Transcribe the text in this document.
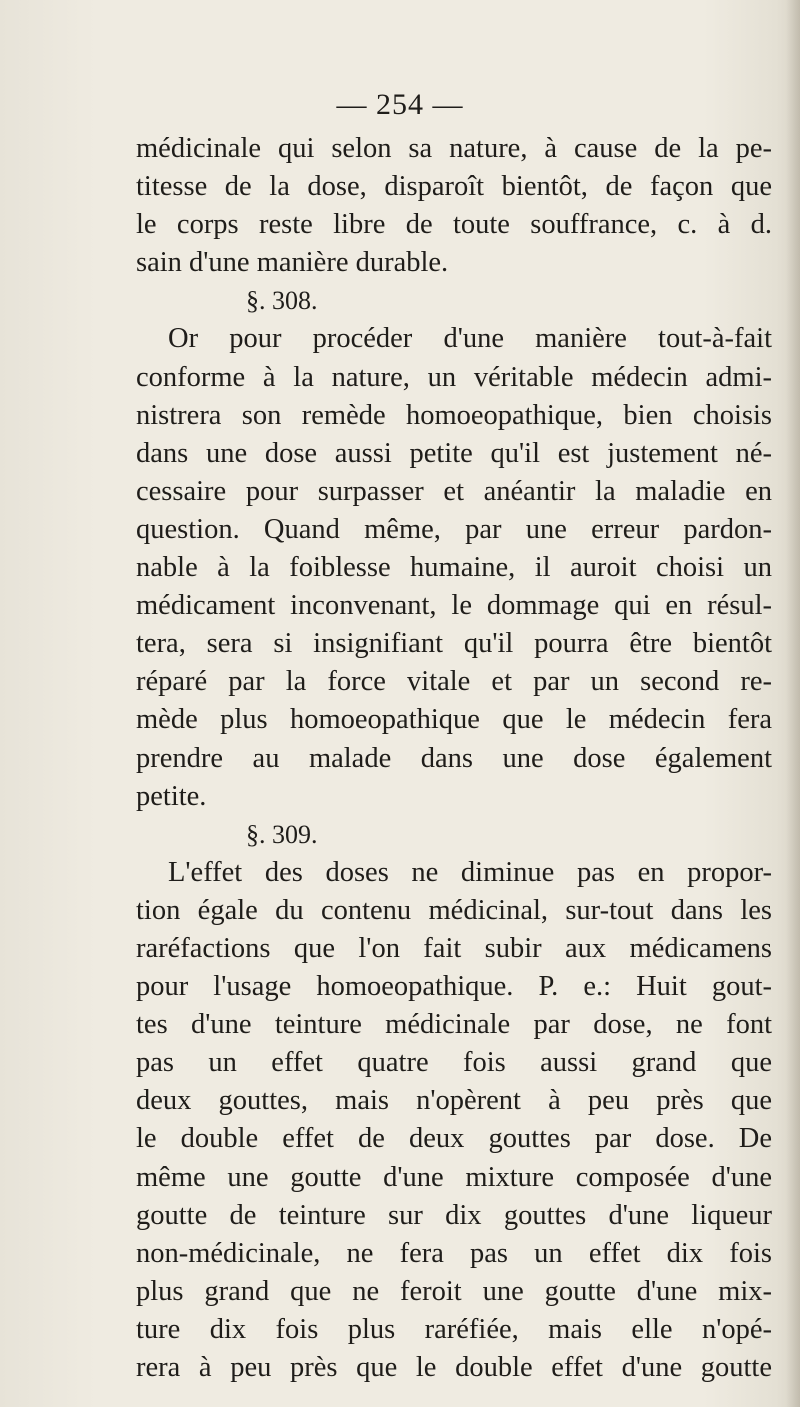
— 254 —
médicinale qui selon sa nature, à cause de la pe-
titesse de la dose, disparoît bientôt, de façon que
le corps reste libre de toute souffrance, c. à d.
sain d'une manière durable.
§. 308.
Or pour procéder d'une manière tout-à-fait
conforme à la nature, un véritable médecin admi-
nistrera son remède homoeopathique, bien choisis
dans une dose aussi petite qu'il est justement né-
cessaire pour surpasser et anéantir la maladie en
question. Quand même, par une erreur pardon-
nable à la foiblesse humaine, il auroit choisi un
médicament inconvenant, le dommage qui en résul-
tera, sera si insignifiant qu'il pourra être bientôt
réparé par la force vitale et par un second re-
mède plus homoeopathique que le médecin fera
prendre au malade dans une dose également
petite.
§. 309.
L'effet des doses ne diminue pas en propor-
tion égale du contenu médicinal, sur-tout dans les
raréfactions que l'on fait subir aux médicamens
pour l'usage homoeopathique. P. e.: Huit gout-
tes d'une teinture médicinale par dose, ne font
pas un effet quatre fois aussi grand que
deux gouttes, mais n'opèrent à peu près que
le double effet de deux gouttes par dose. De
même une goutte d'une mixture composée d'une
goutte de teinture sur dix gouttes d'une liqueur
non-médicinale, ne fera pas un effet dix fois
plus grand que ne feroit une goutte d'une mix-
ture dix fois plus raréfiée, mais elle n'opé-
rera à peu près que le double effet d'une goutte
